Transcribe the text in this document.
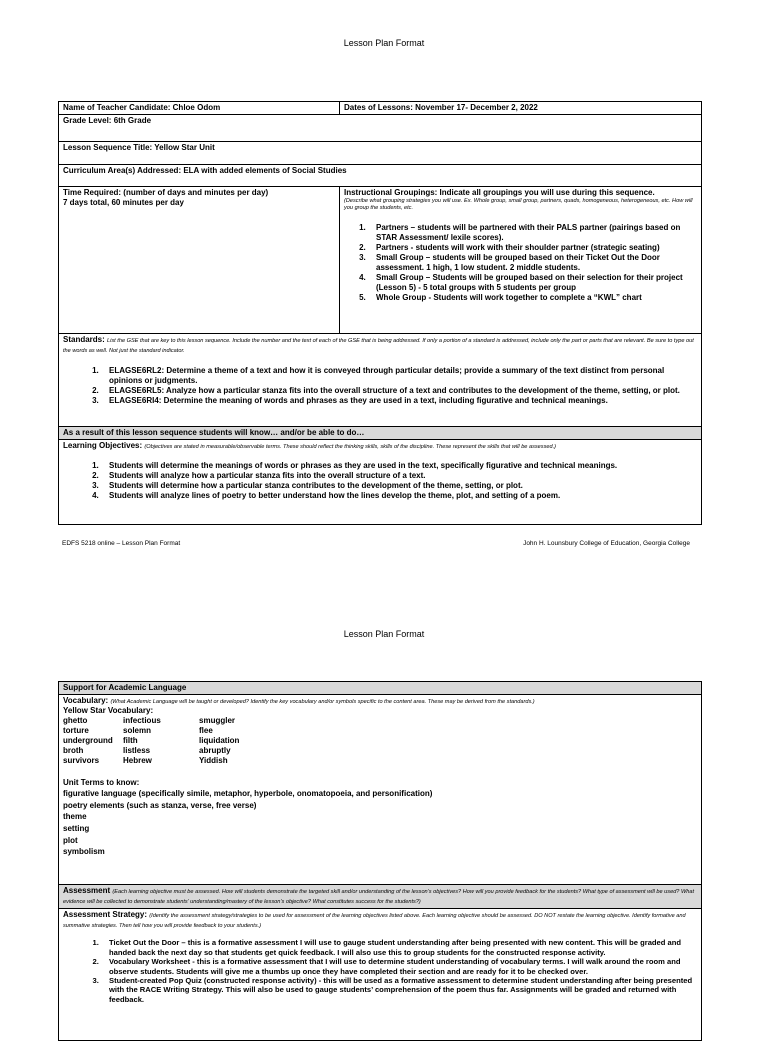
Lesson Plan Format
Name of Teacher Candidate: Chloe Odom	Dates of Lessons: November 17- December 2, 2022
Grade Level: 6th Grade
Lesson Sequence Title: Yellow Star Unit
Curriculum Area(s) Addressed: ELA with added elements of Social Studies
Time Required: (number of days and minutes per day)
7 days total, 60 minutes per day
Instructional Groupings: Indicate all groupings you will use during this sequence.
(Describe what grouping strategies you will use. Ex. Whole group, small group, partners, quads, homogeneous, heterogeneous, etc. How will you group the students, etc.
1. Partners – students will be partnered with their PALS partner (pairings based on STAR Assessment/ lexile scores).
2. Partners - students will work with their shoulder partner (strategic seating)
3. Small Group – students will be grouped based on their Ticket Out the Door assessment. 1 high, 1 low student. 2 middle students.
4. Small Group – Students will be grouped based on their selection for their project (Lesson 5) - 5 total groups with 5 students per group
5. Whole Group - Students will work together to complete a “KWL” chart
Standards: List the GSE that are key to this lesson sequence. Include the number and the text of each of the GSE that is being addressed. If only a portion of a standard is addressed, include only the part or parts that are relevant. Be sure to type out the words as well. Not just the standard indicator.
1. ELAGSE6RL2: Determine a theme of a text and how it is conveyed through particular details; provide a summary of the text distinct from personal opinions or judgments.
2. ELAGSE6RL5: Analyze how a particular stanza fits into the overall structure of a text and contributes to the development of the theme, setting, or plot.
3. ELAGSE6RI4: Determine the meaning of words and phrases as they are used in a text, including figurative and technical meanings.
As a result of this lesson sequence students will know… and/or be able to do…
Learning Objectives: (Objectives are stated in measurable/observable terms. These should reflect the thinking skills, skills of the discipline. These represent the skills that will be assessed.)
1. Students will determine the meanings of words or phrases as they are used in the text, specifically figurative and technical meanings.
2. Students will analyze how a particular stanza fits into the overall structure of a text.
3. Students will determine how a particular stanza contributes to the development of the theme, setting, or plot.
4. Students will analyze lines of poetry to better understand how the lines develop the theme, plot, and setting of a poem.
EDFS 5218 online – Lesson Plan Format	John H. Lounsbury College of Education, Georgia College
Lesson Plan Format
Support for Academic Language
Vocabulary: (What Academic Language will be taught or developed? Identify the key vocabulary and/or symbols specific to the content area. These may be derived from the standards.)
Yellow Star Vocabulary:
ghetto	infectious	smuggler
torture	solemn	flee
underground	filth	liquidation
broth	listless	abruptly
survivors	Hebrew	Yiddish
Unit Terms to know:
figurative language (specifically simile, metaphor, hyperbole, onomatopoeia, and personification)
poetry elements (such as stanza, verse, free verse)
theme
setting
plot
symbolism
Assessment (Each learning objective must be assessed. How will students demonstrate the targeted skill and/or understanding of the lesson’s objectives? How will you provide feedback for the students? What type of assessment will be used? What evidence will be collected to demonstrate students’ understanding/mastery of the lesson’s objective? What constitutes success for the students?)
Assessment Strategy: (Identify the assessment strategy/strategies to be used for assessment of the learning objectives listed above. Each learning objective should be assessed. DO NOT restate the learning objective. Identify formative and summative strategies. Then tell how you will provide feedback to your students.)
1. Ticket Out the Door – this is a formative assessment I will use to gauge student understanding after being presented with new content. This will be graded and handed back the next day so that students get quick feedback. I will also use this to group students for the constructed response activity.
2. Vocabulary Worksheet - this is a formative assessment that I will use to determine student understanding of vocabulary terms. I will walk around the room and observe students. Students will give me a thumbs up once they have completed their section and are ready for it to be checked over.
3. Student-created Pop Quiz (constructed response activity) - this will be used as a formative assessment to determine student understanding after being presented with the RACE Writing Strategy. This will also be used to gauge students’ comprehension of the poem thus far. Assignments will be graded and returned with feedback.
